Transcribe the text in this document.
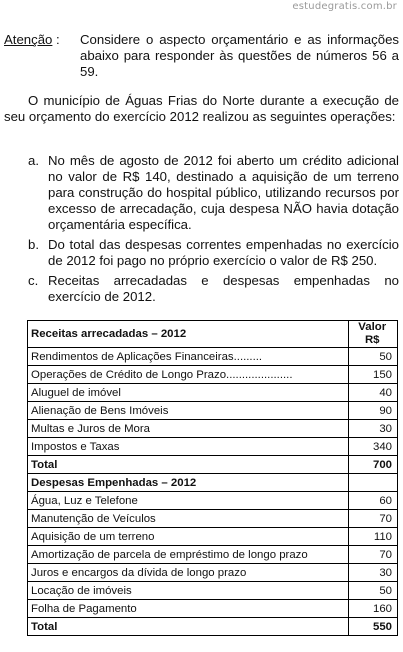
estudegratis.com.br
Atenção : Considere o aspecto orçamentário e as informações abaixo para responder às questões de números 56 a 59.
O município de Águas Frias do Norte durante a execução de seu orçamento do exercício 2012 realizou as seguintes operações:
a. No mês de agosto de 2012 foi aberto um crédito adicional no valor de R$ 140, destinado a aquisição de um terreno para construção do hospital público, utilizando recursos por excesso de arrecadação, cuja despesa NÃO havia dotação orçamentária específica.
b. Do total das despesas correntes empenhadas no exercício de 2012 foi pago no próprio exercício o valor de R$ 250.
c. Receitas arrecadadas e despesas empenhadas no exercício de 2012.
Receitas arrecadadas – 2012	Valor
R$
Rendimentos de Aplicações Financeiras.........	50
Operações de Crédito de Longo Prazo.....................	150
Aluguel de imóvel	40
Alienação de Bens Imóveis	90
Multas e Juros de Mora	30
Impostos e Taxas	340
Total	700
Despesas Empenhadas – 2012	
Água, Luz e Telefone	60
Manutenção de Veículos	70
Aquisição de um terreno	110
Amortização de parcela de empréstimo de longo prazo	70
Juros e encargos da dívida de longo prazo	30
Locação de imóveis	50
Folha de Pagamento	160
Total	550
